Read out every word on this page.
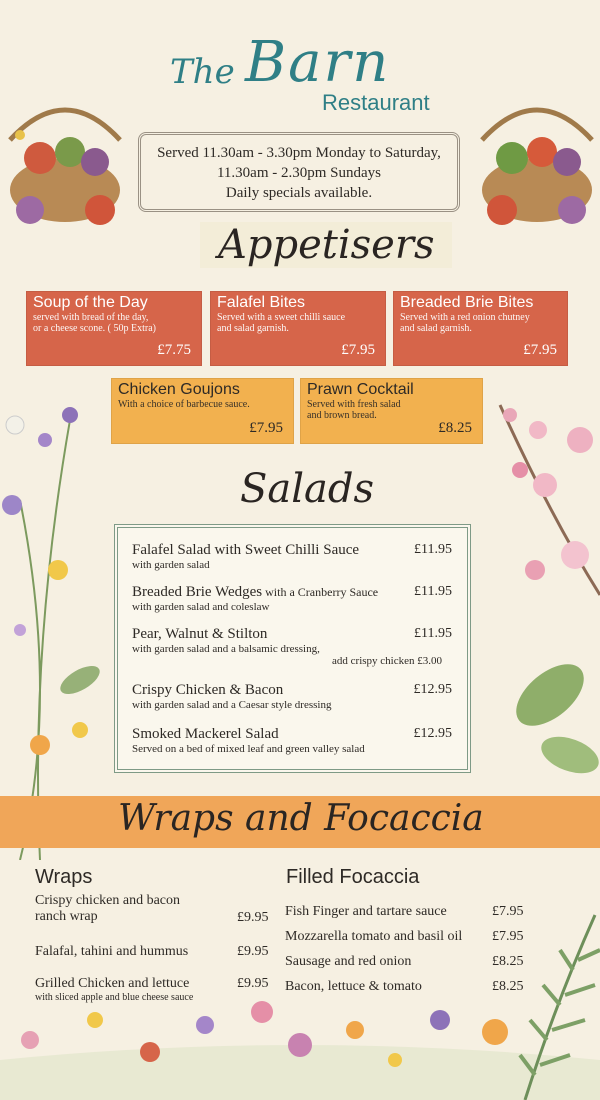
The Barn
Restaurant
Served 11.30am - 3.30pm Monday to Saturday,
11.30am - 2.30pm Sundays
Daily specials available.
Appetisers
Soup of the Day
served with bread of the day,
or a cheese scone. ( 50p Extra)
£7.75
Falafel Bites
Served with a sweet chilli sauce
and salad garnish.
£7.95
Breaded Brie Bites
Served with a red onion chutney
and salad garnish.
£7.95
Chicken Goujons
With a choice of barbecue sauce.
£7.95
Prawn Cocktail
Served with fresh salad
and brown bread.
£8.25
Salads
Falafel Salad with Sweet Chilli Sauce
with garden salad
£11.95
Breaded Brie Wedges with a Cranberry Sauce
with garden salad and coleslaw
£11.95
Pear, Walnut & Stilton
with garden salad and a balsamic dressing,
add crispy chicken £3.00
£11.95
Crispy Chicken & Bacon
with garden salad and a Caesar style dressing
£12.95
Smoked Mackerel Salad
Served on a bed of mixed leaf and green valley salad
£12.95
Wraps and Focaccia
Wraps
Crispy chicken and bacon
ranch wrap	£9.95
Falafal, tahini and hummus	£9.95
Grilled Chicken and lettuce
with sliced apple and blue cheese sauce
£9.95
Filled Focaccia
Fish Finger and tartare sauce	£7.95
Mozzarella tomato and basil oil	£7.95
Sausage and red onion	£8.25
Bacon, lettuce & tomato	£8.25
